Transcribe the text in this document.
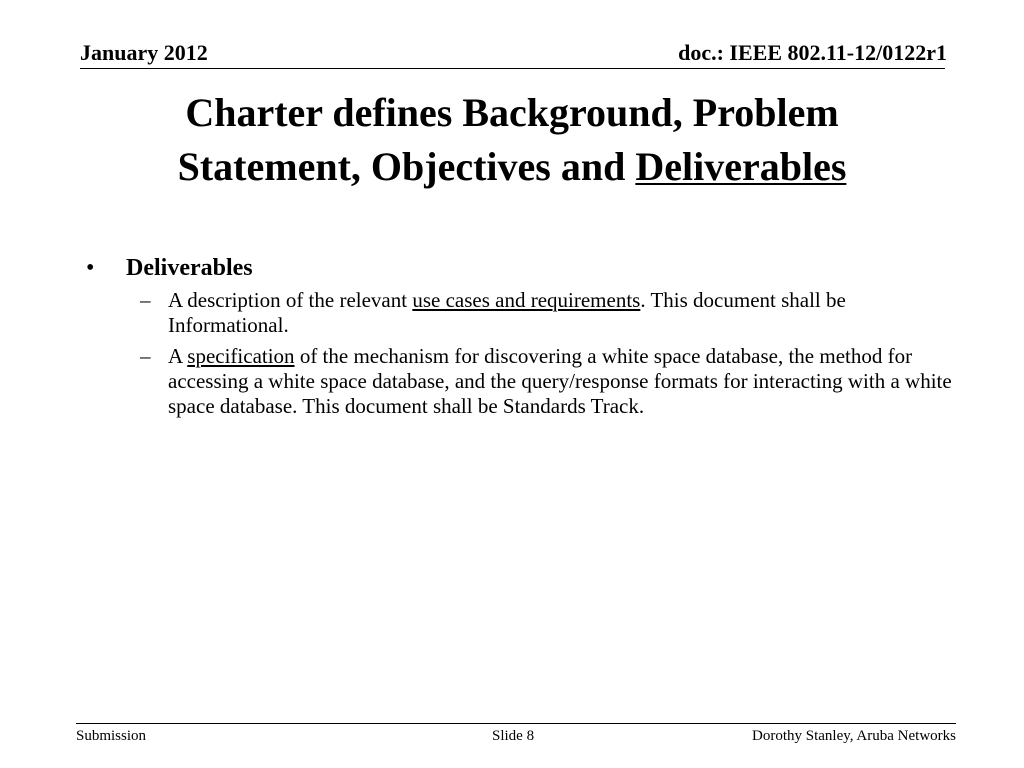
January 2012	doc.: IEEE 802.11-12/0122r1
Charter defines Background, Problem
Statement, Objectives and Deliverables
•	Deliverables
– A description of the relevant use cases and requirements. This document shall be Informational.
– A specification of the mechanism for discovering a white space database, the method for accessing a white space database, and the query/response formats for interacting with a white space database. This document shall be Standards Track.
Submission	Slide 8	Dorothy Stanley, Aruba Networks
